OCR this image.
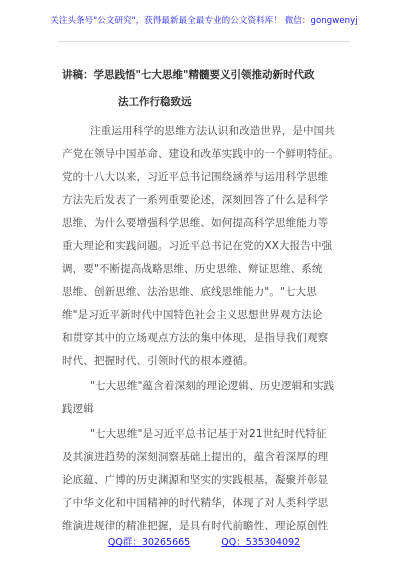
关注头条号"公文研究"，获得最新最全最专业的公文资料库！ 微信：gongwenyj
讲稿：学思践悟"七大思维"精髓要义引领推动新时代政
法工作行稳致远
注重运用科学的思维方法认识和改造世界，是中国共
产党在领导中国革命、建设和改革实践中的一个鲜明特征。
党的十八大以来，习近平总书记围绕涵养与运用科学思维
方法先后发表了一系列重要论述，深刻回答了什么是科学
思维、为什么要增强科学思维、如何提高科学思维能力等
重大理论和实践问题。习近平总书记在党的XX大报告中强
调，要"不断提高战略思维、历史思维、辩证思维、系统
思维、创新思维、法治思维、底线思维能力"。"七大思
维"是习近平新时代中国特色社会主义思想世界观方法论
和贯穿其中的立场观点方法的集中体现，是指导我们观察
时代、把握时代、引领时代的根本遵循。
"七大思维"蕴含着深刻的理论逻辑、历史逻辑和实践
践逻辑
"七大思维"是习近平总书记基于对21世纪时代特征
及其演进趋势的深刻洞察基础上提出的，蕴含着深厚的理
论底蕴、广博的历史渊源和坚实的实践根基，凝聚并彰显
了中华文化和中国精神的时代精华，体现了对人类科学思
维演进规律的精准把握，是具有时代前瞻性、理论原创性
QQ群：30265665	QQ：535304092
